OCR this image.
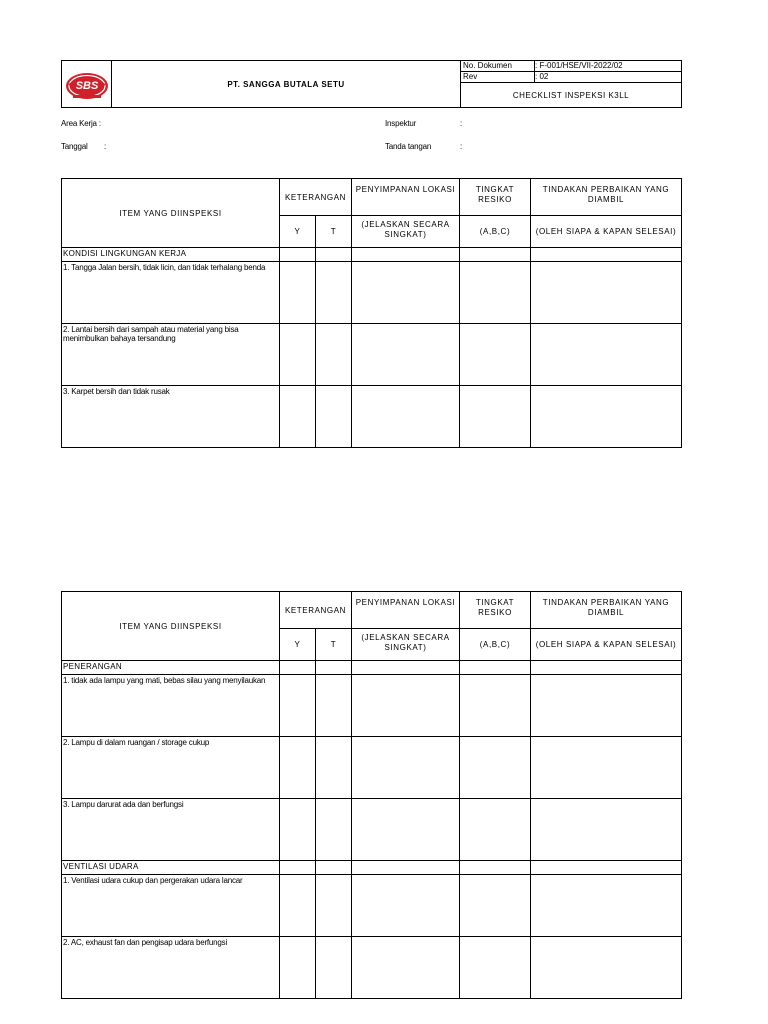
SBS	PT. SANGGA BUTALA SETU	No. Dokumen	: F-001/HSE/VII-2022/02
		Rev	: 02
		CHECKLIST INSPEKSI K3LL	
Area Kerja :	Inspektur	:
Tanggal :	Tanda tangan	:
ITEM YANG DIINSPEKSI	KETERANGAN		PENYIMPANAN LOKASI	TINGKAT RESIKO	TINDAKAN PERBAIKAN YANG DIAMBIL
	Y	T	(JELASKAN SECARA SINGKAT)	(A,B,C)	(OLEH SIAPA & KAPAN SELESAI)
KONDISI LINGKUNGAN KERJA					
1. Tangga Jalan bersih, tidak licin, dan tidak terhalang benda					
2. Lantai bersih dari sampah atau material yang bisa menimbulkan bahaya tersandung					
3. Karpet bersih dan tidak rusak					
ITEM YANG DIINSPEKSI	KETERANGAN		PENYIMPANAN LOKASI	TINGKAT RESIKO	TINDAKAN PERBAIKAN YANG DIAMBIL
	Y	T	(JELASKAN SECARA SINGKAT)	(A,B,C)	(OLEH SIAPA & KAPAN SELESAI)
PENERANGAN					
1. tidak ada lampu yang mati, bebas silau yang menyilaukan					
2. Lampu di dalam ruangan / storage cukup					
3. Lampu darurat ada dan berfungsi					
VENTILASI UDARA					
1. Ventilasi udara cukup dan pergerakan udara lancar					
2. AC, exhaust fan dan pengisap udara berfungsi					
